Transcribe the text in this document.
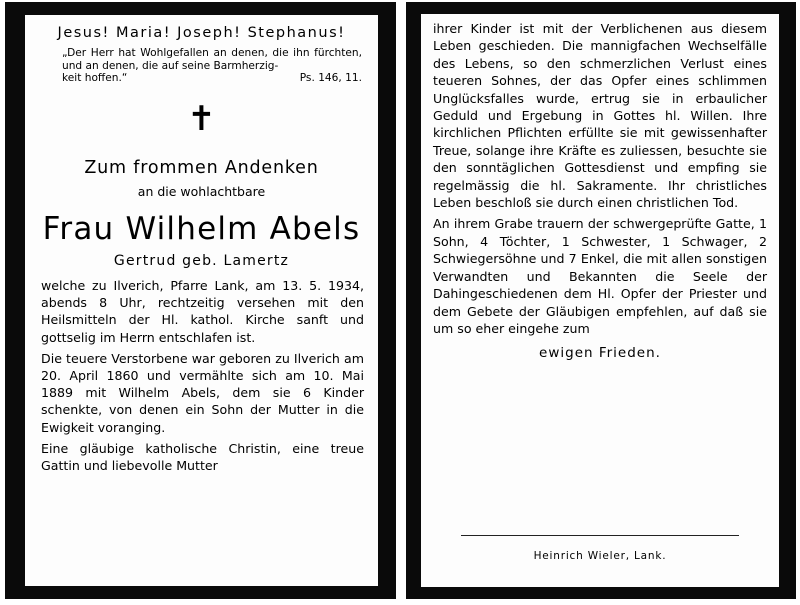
Jesus! Maria! Joseph! Stephanus!
„Der Herr hat Wohlgefallen an denen, die ihn fürchten, und an denen, die auf seine Barmherzig-
keit hoffen.“	Ps. 146, 11.
✝
Zum frommen Andenken
an die wohlachtbare
Frau Wilhelm Abels
Gertrud geb. Lamertz

welche zu Ilverich, Pfarre Lank, am 13. 5. 1934, abends 8 Uhr, rechtzeitig versehen mit den Heilsmitteln der Hl. kathol. Kirche sanft und gottselig im Herrn entschlafen ist.

Die teuere Verstorbene war geboren zu Ilverich am 20. April 1860 und vermählte sich am 10. Mai 1889 mit Wilhelm Abels, dem sie 6 Kinder schenkte, von denen ein Sohn der Mutter in die Ewigkeit voranging.

Eine gläubige katholische Christin, eine treue Gattin und liebevolle Mutter

ihrer Kinder ist mit der Verblichenen aus diesem Leben geschieden. Die mannigfachen Wechselfälle des Lebens, so den schmerzlichen Verlust eines teueren Sohnes, der das Opfer eines schlimmen Unglücksfalles wurde, ertrug sie in erbaulicher Geduld und Ergebung in Gottes hl. Willen. Ihre kirchlichen Pflichten erfüllte sie mit gewissenhafter Treue, solange ihre Kräfte es zuliessen, besuchte sie den sonntäglichen Gottesdienst und empfing sie regelmässig die hl. Sakramente. Ihr christliches Leben beschloß sie durch einen christlichen Tod.

An ihrem Grabe trauern der schwergeprüfte Gatte, 1 Sohn, 4 Töchter, 1 Schwester, 1 Schwager, 2 Schwiegersöhne und 7 Enkel, die mit allen sonstigen Verwandten und Bekannten die Seele der Dahingeschiedenen dem Hl. Opfer der Priester und dem Gebete der Gläubigen empfehlen, auf daß sie um so eher eingehe zum

ewigen Frieden.
Heinrich Wieler, Lank.
